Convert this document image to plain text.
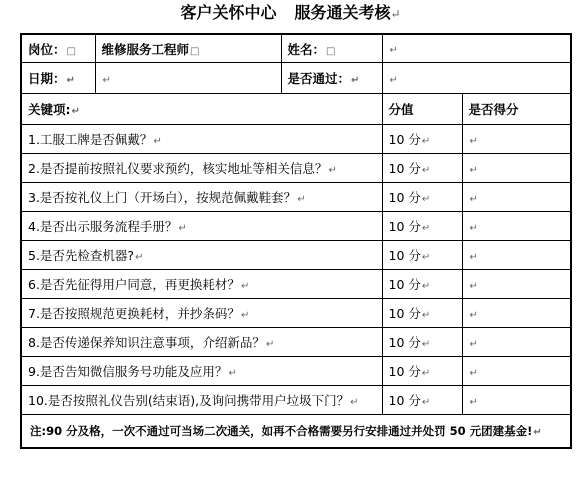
客户关怀中心 服务通关考核↵
岗位：□	维修服务工程师□	姓名：□	↵	
日期：↵	↵	是否通过：↵	↵	
关键项:↵			分值	是否得分
1.工服工牌是否佩戴？↵			10 分↵	↵
2.是否提前按照礼仪要求预约，核实地址等相关信息？↵			10 分↵	↵
3.是否按礼仪上门（开场白），按规范佩戴鞋套？↵			10 分↵	↵
4.是否出示服务流程手册？↵			10 分↵	↵
5.是否先检查机器?↵			10 分↵	↵
6.是否先征得用户同意，再更换耗材？↵			10 分↵	↵
7.是否按照规范更换耗材，并抄条码？↵			10 分↵	↵
8.是否传递保养知识注意事项，介绍新品？↵			10 分↵	↵
9.是否告知微信服务号功能及应用？↵			10 分↵	↵
10.是否按照礼仪告别(结束语),及询问携带用户垃圾下门？↵			10 分↵	↵
注:90 分及格，一次不通过可当场二次通关，如再不合格需要另行安排通过并处罚 50 元团建基金!↵				
